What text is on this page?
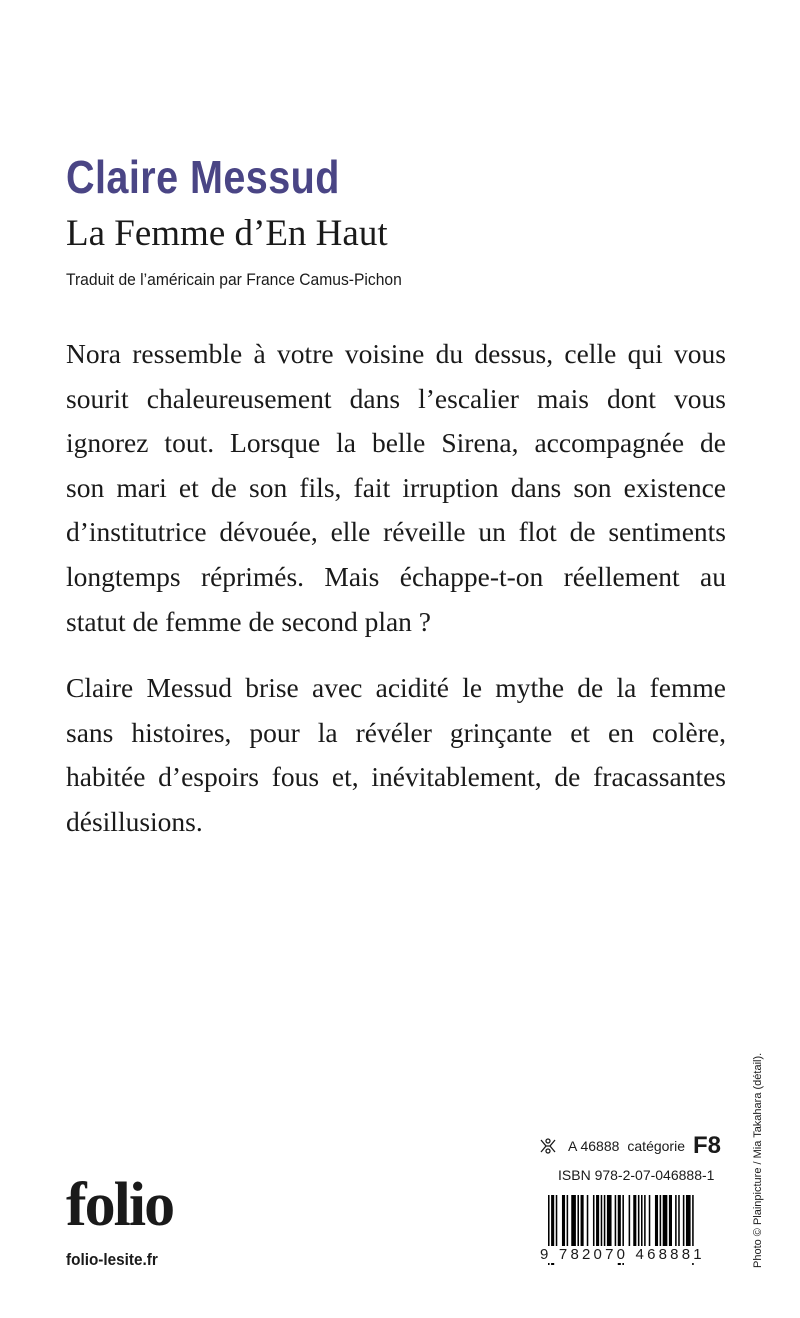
Claire Messud
La Femme d’En Haut
Traduit de l’américain par France Camus-Pichon
Nora ressemble à votre voisine du dessus, celle qui vous
sourit chaleureusement dans l’escalier mais dont vous
ignorez tout. Lorsque la belle Sirena, accompagnée de
son mari et de son fils, fait irruption dans son existence
d’institutrice dévouée, elle réveille un flot de sentiments
longtemps réprimés. Mais échappe-t-on réellement au
statut de femme de second plan ?
Claire Messud brise avec acidité le mythe de la femme
sans histoires, pour la révéler grinçante et en colère,
habitée d’espoirs fous et, inévitablement, de fracassantes
désillusions.
Photo © Plainpicture / Mia Takahara (détail).
folio
folio-lesite.fr
A 46888 catégorie F8
ISBN 978-2-07-046888-1
9 782070 468881
